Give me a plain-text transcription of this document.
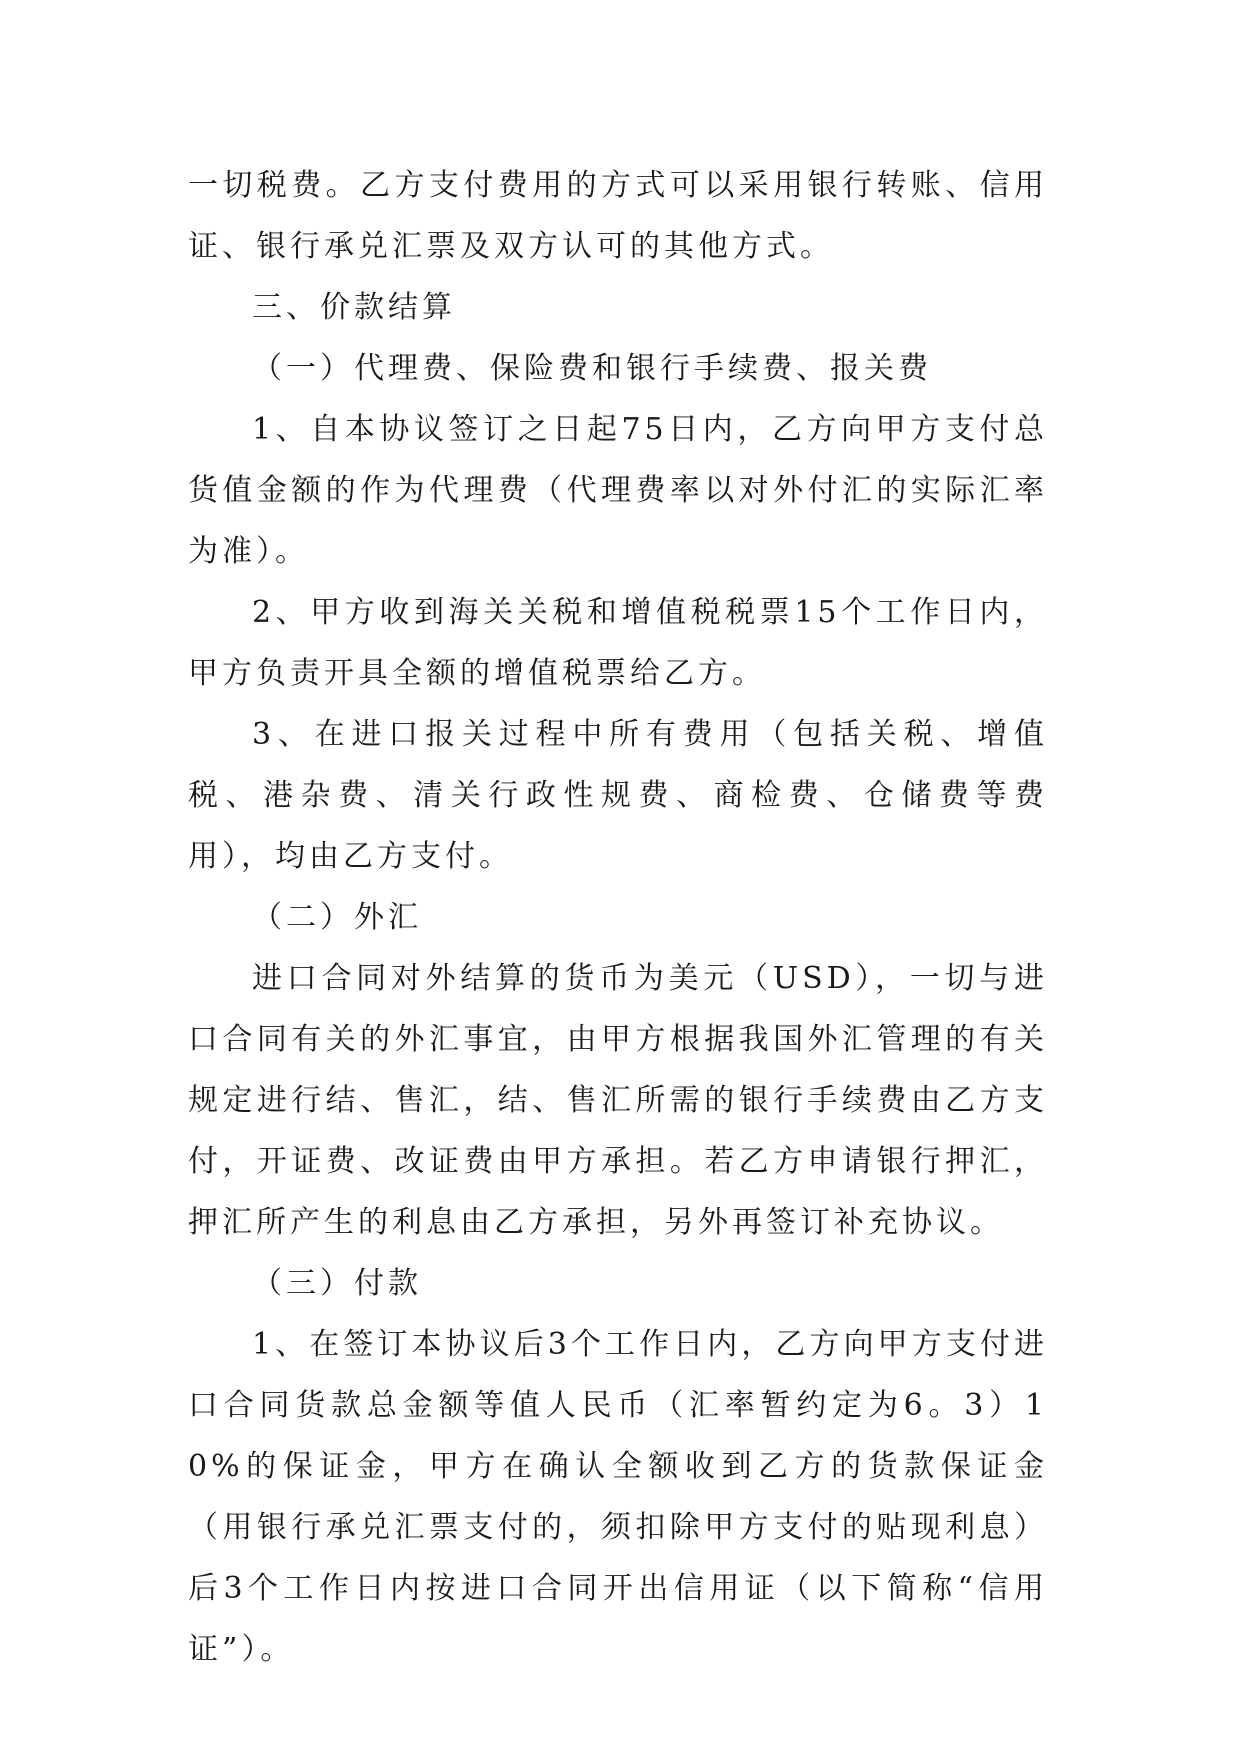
一切税费。乙方支付费用的方式可以采用银行转账、信用证、银行承兑汇票及双方认可的其他方式。

三、价款结算

（一）代理费、保险费和银行手续费、报关费

1、自本协议签订之日起75日内，乙方向甲方支付总货值金额的作为代理费（代理费率以对外付汇的实际汇率为准）。

2、甲方收到海关关税和增值税税票15个工作日内，甲方负责开具全额的增值税票给乙方。

3、在进口报关过程中所有费用（包括关税、增值税、港杂费、清关行政性规费、商检费、仓储费等费用），均由乙方支付。

（二）外汇

进口合同对外结算的货币为美元（USD），一切与进口合同有关的外汇事宜，由甲方根据我国外汇管理的有关规定进行结、售汇，结、售汇所需的银行手续费由乙方支付，开证费、改证费由甲方承担。若乙方申请银行押汇，押汇所产生的利息由乙方承担，另外再签订补充协议。

（三）付款

1、在签订本协议后3个工作日内，乙方向甲方支付进口合同货款总金额等值人民币（汇率暂约定为6。3）10%的保证金，甲方在确认全额收到乙方的货款保证金（用银行承兑汇票支付的，须扣除甲方支付的贴现利息）后3个工作日内按进口合同开出信用证（以下简称“信用证”）。
